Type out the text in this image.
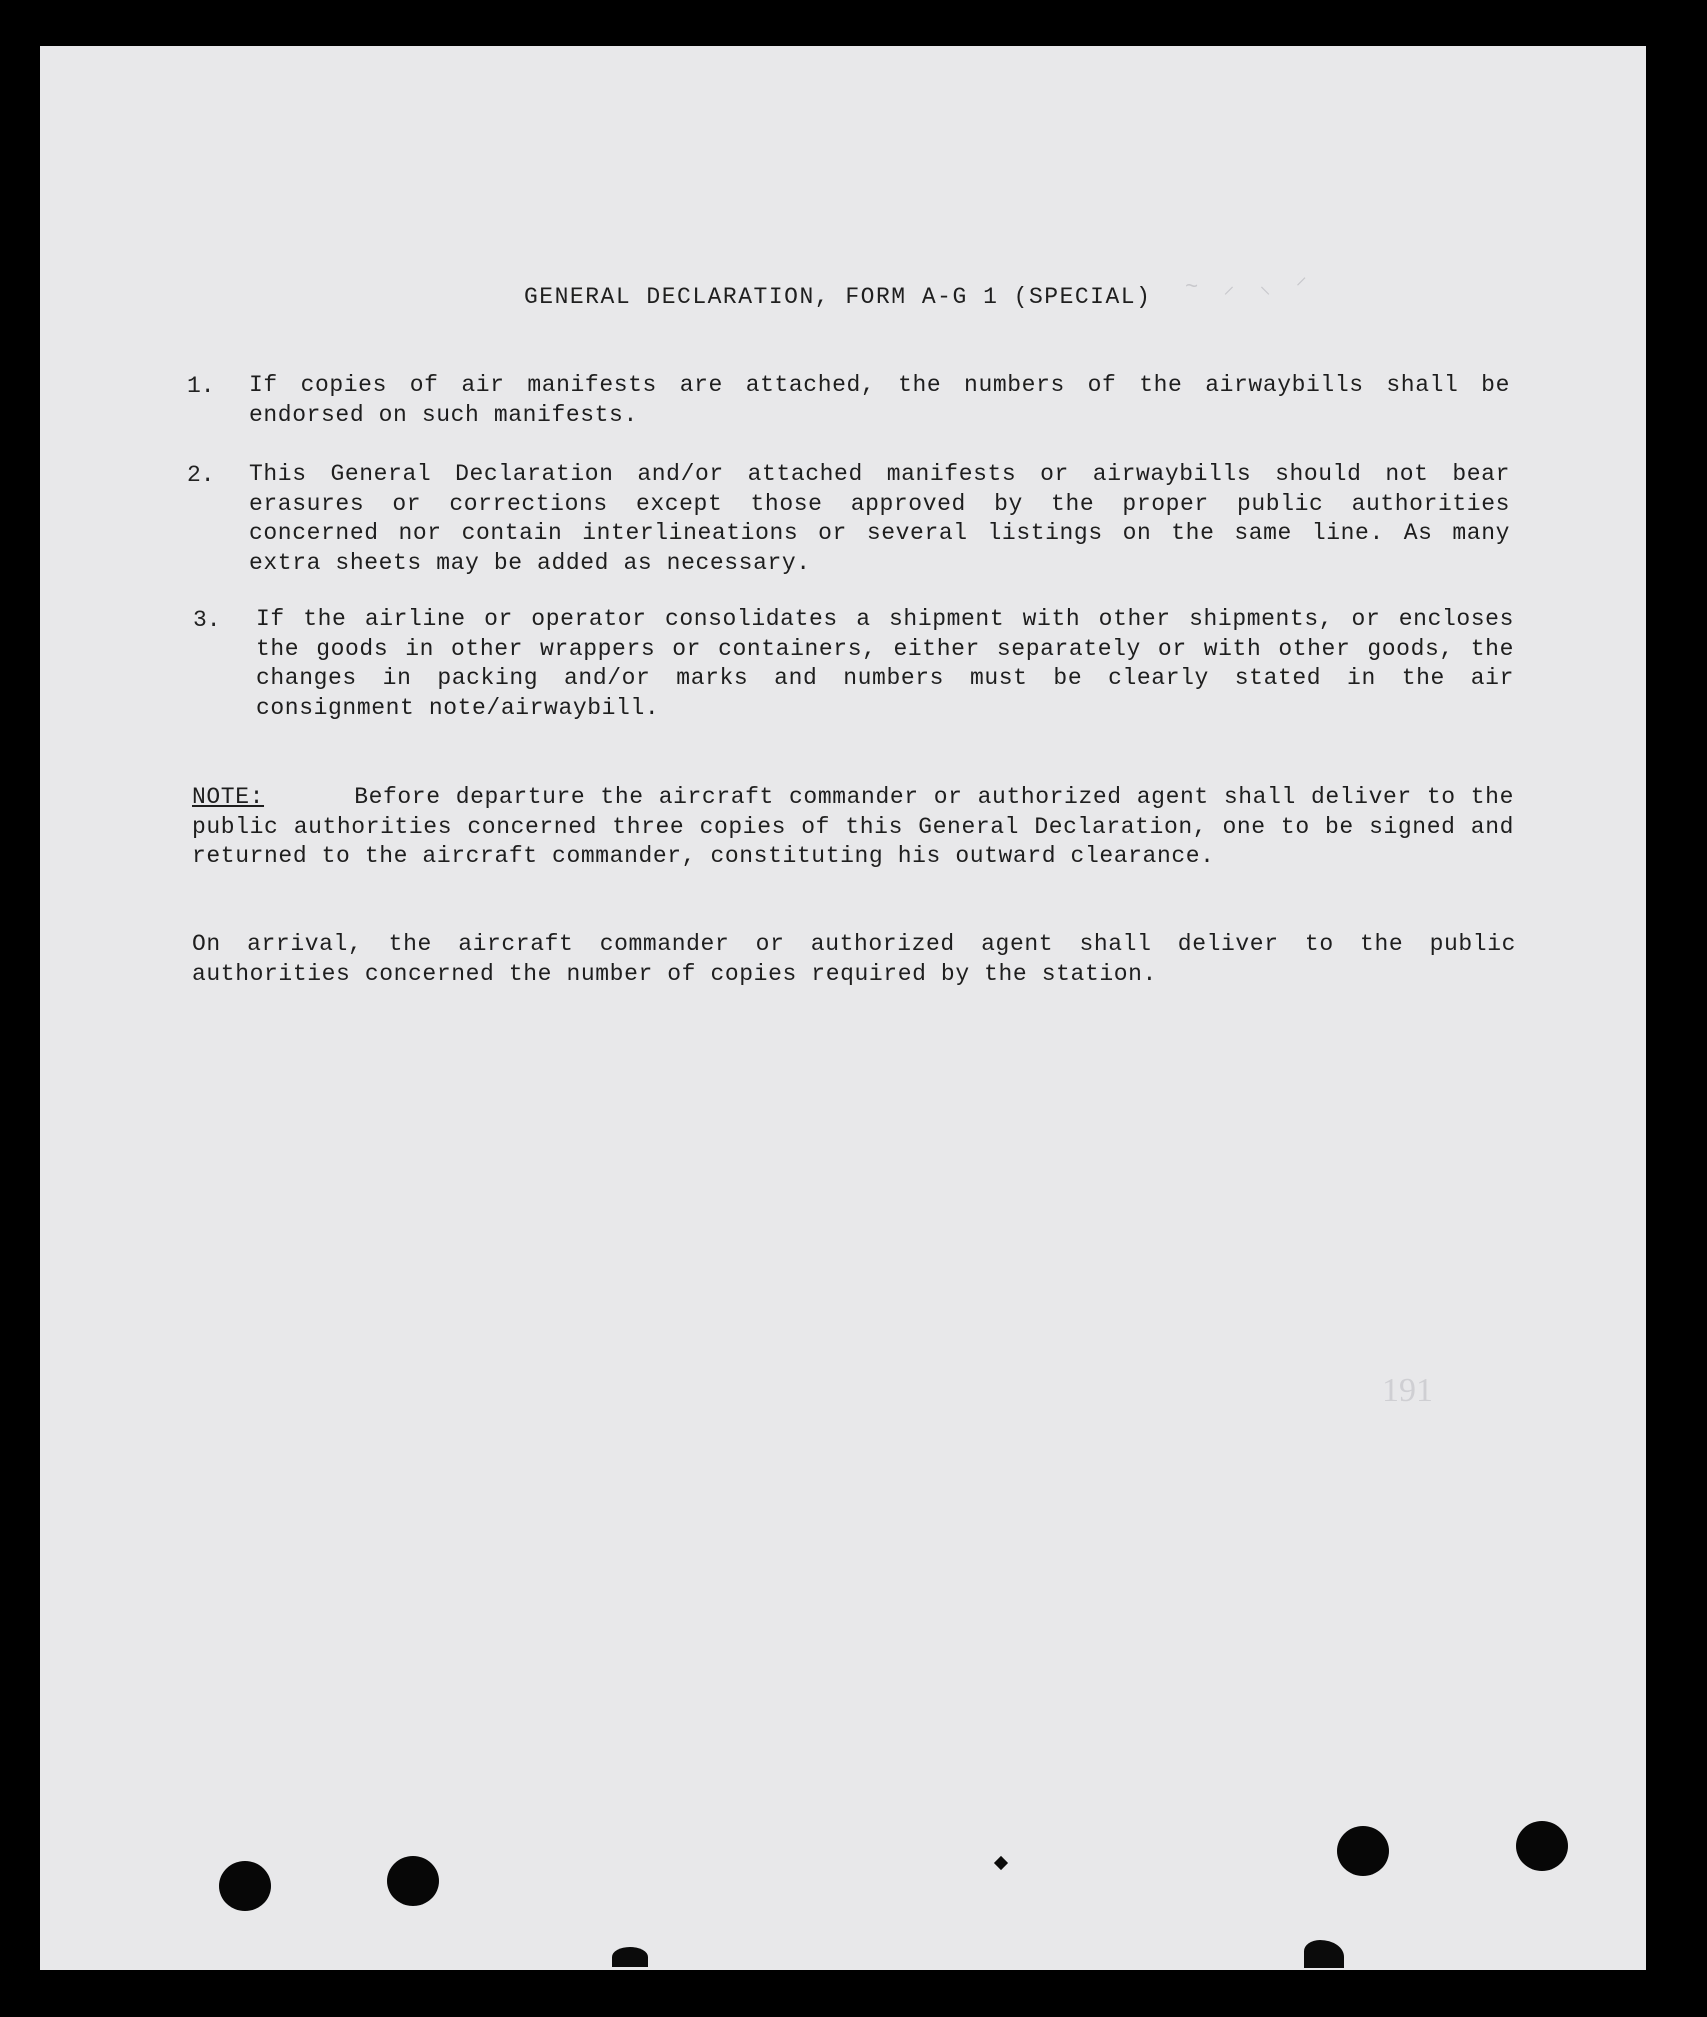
GENERAL DECLARATION, FORM A-G 1 (SPECIAL) ~ ⸝ ⸜ ⸍
1. If copies of air manifests are attached, the numbers of the airwaybills shall be endorsed on such manifests.
2. This General Declaration and/or attached manifests or airwaybills should not bear erasures or corrections except those approved by the proper public authorities concerned nor contain interlineations or several listings on the same line. As many extra sheets may be added as necessary.
3. If the airline or operator consolidates a shipment with other shipments, or encloses the goods in other wrappers or containers, either separately or with other goods, the changes in packing and/or marks and numbers must be clearly stated in the air consignment note/airwaybill.
NOTE:	Before departure the aircraft commander or authorized agent shall deliver to the public authorities concerned three copies of this General Declaration, one to be signed and returned to the aircraft commander, constituting his outward clearance.
On arrival, the aircraft commander or authorized agent shall deliver to the public authorities concerned the number of copies required by the station.
191
